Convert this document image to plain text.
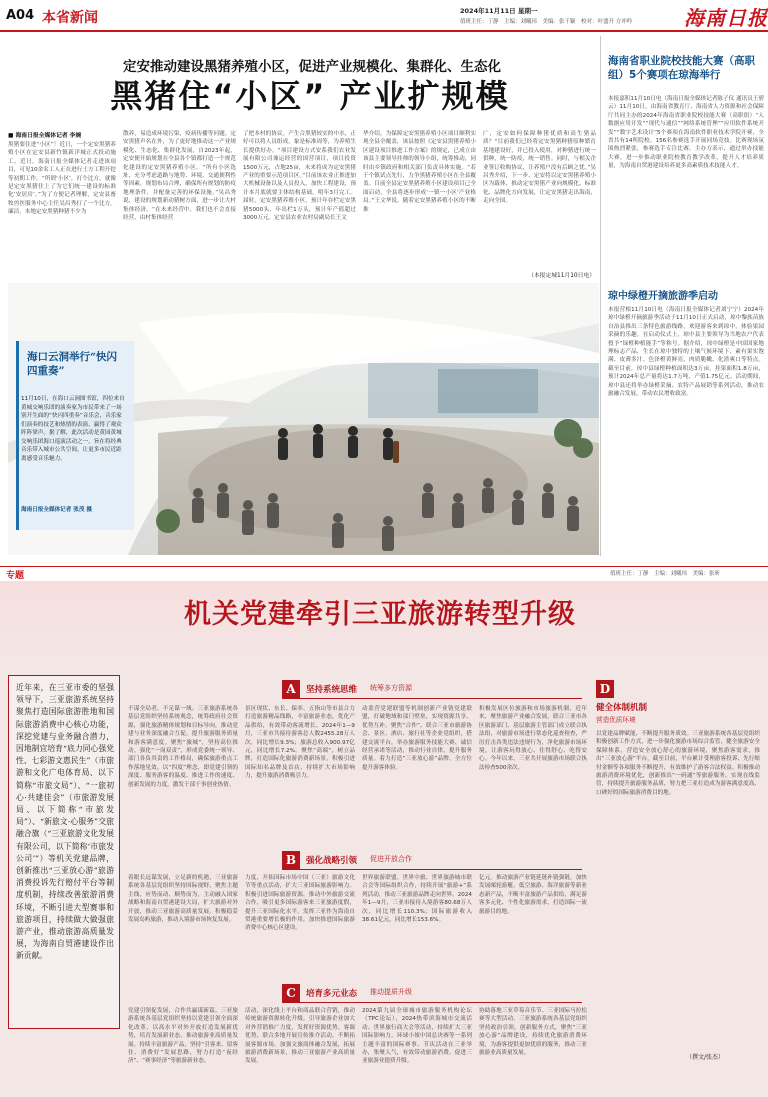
A04 本省新闻	2024年11月11日 星期一
值班主任：丁静　主编：刘曦玮　美编：张千颖　校对：叶盛升 方冲吟	海南日报
定安推动建设黑猪养殖小区，促进产业规模化、集群化、生态化
黑猪住“小区” 产业扩规模
■ 海南日报全媒体记者 李婉
黑猪要住进“小区”！近日，一个定安黑猪养殖小区在定安县新竹镇新洋城正式投动施工。近日，海南日报全媒体记者走进该项目，可见10余名工人正在进行土方工程开挖等初期工作。“所谓‘小区’，打个比方，就像是定安黑猪住上了为它们统一建设的标准化‘安居房’。”为了方便记者理解，定安县畜牧兽医服务中心主任吴昌秀打了一个比方。廉洁，本地定安黑猪种猪不少为
散养，易造成环境污染，疫病传播等问题。定安黑猪声名在外，为了更好地推动这一产业规模化、生态化、集群化发展，自2023年起，定安便开始规划在全县各个镇都打造一个规范化建设的定安黑猪养殖小区。“所有小区选址，充分考虑道路与地势、环境、交通便利性等因素，规划布局合理，确保所有规划的防疫地理条件，并配备完善的环保设施。”吴昌秀说，建设的规划新动猪树方面，进一步让大村集体经济。“在未来经营中，我们也不会直接经营，由村集体经营
了把本村的协议。产生合黑猪较实的中水，正好可以将人员组成，象是标准周等，为养殖生长提供好办。“项目建设方式安系我们农业发展有限公司兼运经营的国营项目，项目投资1500万元，占地25亩，未来将成为定安黑猪产业的重要示范项目区。”目前该农业正推进加大机械设备以及人员投入，加快工程建设，预计本月底就要主体结构基础，明年3月完工。届时，定安黑猪养殖小区，预计年存栏定安黑猪5000头，年出栏1万头，预计年产值超过3000万元。定安县农业农村局副局长王文
华介绍，为保障定安黑猪养殖小区项目顺利实现全县全覆盖，该县按照《定安县黑猪养殖小区建设项目推进工作方案》的规定，已成立由该县主要领导挂帅的领导小组，统筹推动，同时由乡镇政府和相关部门负责具体实施。“若干个镇试点先行，力争黑猪养殖小区在全县覆盖。目前全县定安黑猪养殖小区建设项目已全面启动，全县将逐步形成‘一镇一小区’产业格局。”王文华说。随着定安黑猪养殖小区的不断推
广，定安如何保障种猪优质和高生猪品质？“目前我们已经将定安黑猪种猪原种繁育基地建设好，并已投入使用，对种猪进行统一供种，统一防疫，统一销售。同时，与相关企业签订收购协议，让养殖户没有后顾之忧。”吴昌秀介绍，下一步，定安将以定安黑猪养殖小区为载体，推动定安黑猪产业向规模化、标准化、品牌化方向发展，让定安黑猪走出海南，走向全国。
（本报定城11月10日电）
海口云洞举行“快闪四重奏”
11月10日，在海口云洞图书馆，四位来自黄城交响乐团的演奏家为市民带来了一场别开生面的“快闪四重奏”音乐会，音乐家们演奏的技艺和热情的表演，赢得了观众阵阵掌声。据了解，此次活动是黄园黄城交响乐团海口巡演活动之一，旨在将经典音乐带入城市公共空间，让更多市民近距离感受音乐魅力。
海南日报全媒体记者 张茂 摄
海南省职业院校技能大赛（高职组）5个赛项在琼海举行
本报嘉积11月10日电（海南日报全媒体记者陈子仪 通讯员王碧云）11月10日，由海南省教育厅、海南省人力资源和社会保障厅共同主办的2024年海南省职业院校技能大赛（高职组）“人数据应用开发”“现代与通信”“网络系统管理”“应用软件系统开发”“数字艺术设计”5个赛项在海南软件职业技术学院开赛，全省共有14所院校、156名参赛选手开展同场竞技。比赛现场氛围热烈紧张，参赛选手专注比赛，主办方表示，通过举办技能大赛，进一步推动职业院校教育教学改革，提升人才培养质量，为海南自贸港建设培养更多高素质技术技能人才。
琼中绿橙开摘旅游季启动
本报营根11月10日电（海南日报全媒体记者刘宁宁）2024年琼中绿橙开摘旅游季活动于11月10日正式启动，琼中黎族苗族自治县推出三条特色旅游线路，欢迎游客来到琼中，体验果园采摘的乐趣。在启动仪式上，琼中县主要领导为当地农户代表授予“绿橙种植能手”等称号。据介绍，琼中绿橙是中国国家地理标志产品，生长在琼中独特的土壤气候环境下，素有果实饱满、皮薄多汁、色泽橙黄鲜亮、肉质脆嫩、化渣爽口等特点。截至目前，琼中县绿橙种植面积达3万亩，挂果面积1.8万亩，预计2024年总产量将达1.7万吨，产值1.75亿元。活动期间，琼中县还将举办绿橙采摘、农特产品展销等系列活动，推动农旅融合发展，带动农民增收致富。
专题	值班主任：丁静　主编：刘曦玮　美编：张昕
机关党建牵引三亚旅游转型升级
近年来，在三亚市委的坚强领导下，三亚旅游系统坚持聚焦打造国际旅游胜地和国际旅游消费中心核心功能，深挖党建与业务融合潜力，因地制宜培育“底力同心强党性、七彩游文惠民生”（市旅游和文化广电体育局、以下简称“市旅文局”）、“一旅初心·共建佳会”（市旅游发展局、以下简称“市旅发局”）、“新旅文·心服务”交旅融合旗（“三亚旅游文化发展有限公司，以下简称‘市旅发公司’”）等机关党建品牌，创新推出“三亚放心游”旅游消费投诉先行赔付平台等制度机制，持续改善旅游消费环境，不断引进大型赛事和旅游项目，持续做大做强旅游产业，推动旅游高质量发展，为海南自贸港建设作出新贡献。
A	坚持系统思维 统筹多方资源
不谋全局者，不足谋一域。三亚旅游系统各基层党组织坚持系统观念，统筹政府社会资源，强化旅游精体规划和目标导向，推动党建与业务深度融合互促，提升旅游服务质量和游客满意度。聚焦“旅城”，坚持高位推动。强化“一岗双责”，形成党委统一领导、部门各负其责的工作格局，确保旅游重点工作落地见效。以“四度”理念，即党建引领的深度、服务游客的温度、推进工作的速度、创新发展的力度，激发干部干事创业热情。
景区现状、东长、保率、五指山等市县合力打造旅游精品线路，丰富旅游业态，优化产品供给，有效带动客流增长。2024年1—9月，三亚市共接待游客总人数2455.28万人次，同比增长9.3%；旅游总收入900.97亿元，同比增长7.2%。聚焦“高端”，树立品牌，打造国际化旅游消费新场景，积极引进国际知名品牌及首店，持续扩大市场影响力，提升旅游消费吸引力。
动蓝营党建联盟等机制创新产业链党建联盟，打破地域和部门壁垒，实现资源共享、优势互补。聚焦“合作”，联合三亚市旅游协会、景区、酒店、旅行社等企业党组织，搭建交流平台，举办旅游服务技能大赛、诚信经营承诺等活动，推动行业自律，提升服务质量。着力打造“三亚放心游”品牌，全方位提升游客体验。
积极发展区位旅游和市场旅游机制，近年来，聚焦旅游产业融合发展，联合三亚市各区旅游部门、基层旅游主管部门成立联合执法组，对旅游市场进行常态化巡查检查，严厉打击各类违法违规行为，净化旅游市场环境，让游客玩得放心、住得舒心、吃得安心。今年以来，三亚共开展旅游市场联合执法检查500余次。
B	强化战略引领 促进开放合作
着眼长远谋发展，立足新的机遇，三亚旅游系统各基层党组织坚持国际视野，聚焦主题主线，应势而动、顺势而为，主动融入国家战略和海南自贸港建设大局，扩大旅游对外开放，推动三亚旅游高质量发展。积极稳妥发展岛屿旅游，推动入境游市场恢复发展。
力度，开拓国际市场中国（三亚）旅游文化节等重点活动，扩大三亚国际旅游影响力。积极引进国际旅游资源，推动中外旅游交流合作，吸引更多国际游客来三亚旅游度假，提升三亚国际化水平。发挥三亚作为海南自贸港重要增长极的作用，加快推进国际旅游消费中心核心区建设。
世界旅游联盟、世界中旅、世界旅游城市联合会等国际组织合作，持续开展“旅游+”系列活动，推动三亚旅游品牌走向世界。2024年1—9月，三亚市接待入境游客80.68万人次，同比增长110.3%；国际旅游收入38.61亿元，同比增长153.6%。
亿元。推动旅游产业链延链补链强链，加快发展邮轮游艇、低空旅游、海洋旅游等新业态新产品，不断丰富旅游产品供给，满足游客多元化、个性化旅游需求，打造国际一流旅游目的地。
C	培育多元业态 推动提质升级
党建引领促发展，合作共赢谋新篇。三亚旅游系统各基层党组织坚持以党建引领全面深化改革，以高水平对外开放打造发展新优势，培育发展新业态，推动旅游业高质量发展。持续丰富旅游产品，坚持“引客来、留客住、消费好”发展思路，努力打造“夜经济”、“赛事经济”等旅游新业态。
活动，深化线上平台和商品联合营销，推动传统旅游资源转化升级。引导旅游企业加大对外营销推广力度，发挥好资源优势、客源优势，联合多地开展宣传推介活动，不断拓展客源市场，加强文旅商体融合发展，拓展旅游消费新场景，推动三亚旅游产业高质量发展。
2024第九届全球城市旅游服务机构论坛（TPC论坛），2024热带滨海城市交流活动、世界旅行商大会等活动，持续扩大三亚国际影响力。环球小姐中国总决赛等一系列主题丰富的国际赛事、节庆活动在三亚举办，集聚人气，有效带动旅游消费，促进三亚旅游业提质升级。
协助落地三亚草莓音乐节、三亚国际马拉松赛等大型活动。三亚旅游系统各基层党组织坚持政治引领，创新服务方式，聚焦“三亚放心游”品牌建设，持续优化旅游消费环境，为游客提供更加优质的服务，推动三亚旅游业高质量发展。
D
健全体制机制
营造优质环境
以党建品牌赋能，不断提升服务质效。三亚旅游系统各基层党组织积极创新工作方式，进一步强化旅游市场综合监管，健全旅游安全保障体系，营造安全放心舒心的旅游环境，聚焦游客需求，推出“三亚放心游”平台，截至目前，平台累计受理游客投诉、先行赔付金额等各项服务不断提升，有效维护了游客合法权益。积极推动旅游消费环境优化，创新推出“一码通”等旅游服务，实现在线监管，持续提升旅游服务品质，努力把三亚打造成为游客满意度高、口碑好的国际旅游消费目的地。
（撰文/张杰）
